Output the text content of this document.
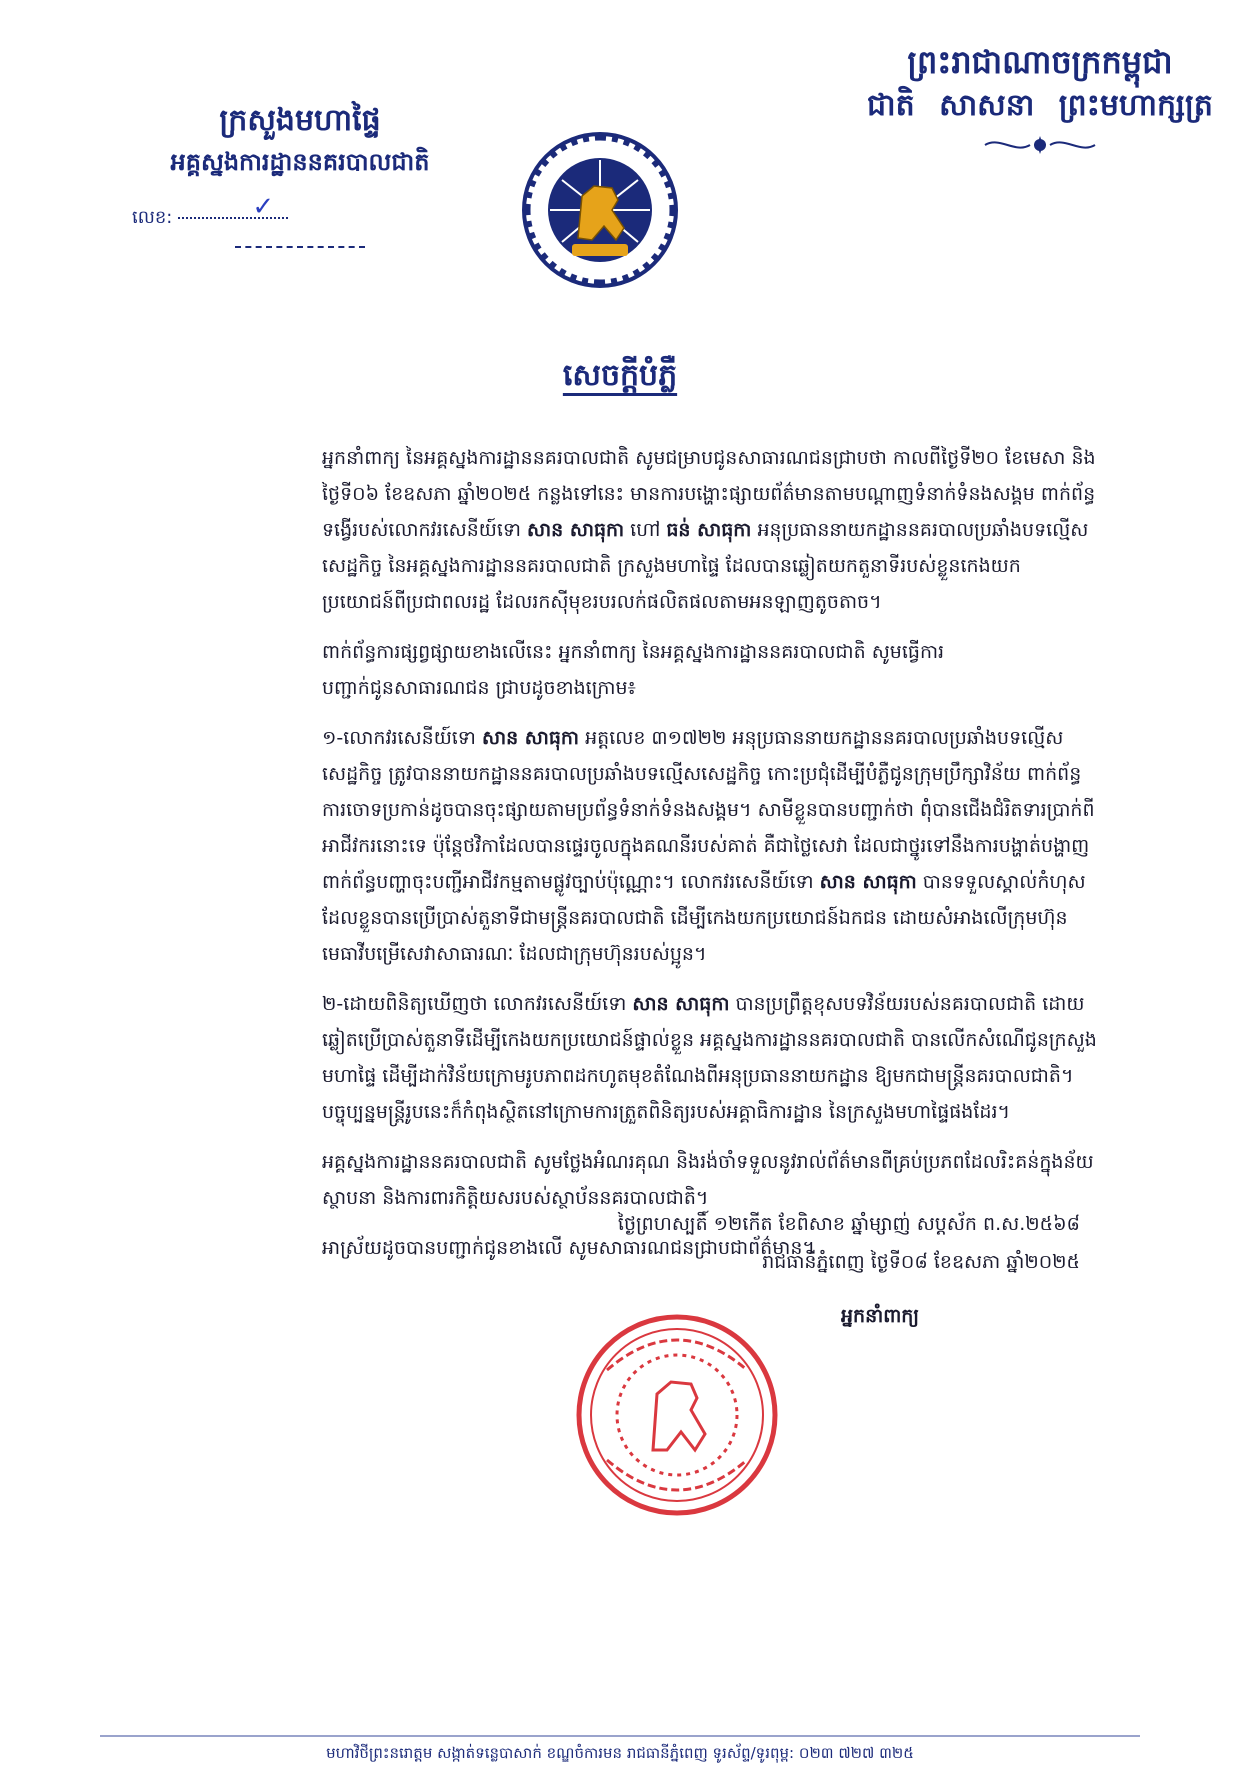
ព្រះរាជាណាចក្រកម្ពុជា
ជាតិ សាសនា ព្រះមហាក្សត្រ
ក្រសួងមហាផ្ទៃ
អគ្គស្នងការដ្ឋាននគរបាលជាតិ
លេខ:	✓
សេចក្ដីបំភ្លឺ
អ្នកនាំពាក្យ នៃអគ្គស្នងការដ្ឋាននគរបាលជាតិ សូមជម្រាបជូនសាធារណជនជ្រាបថា កាលពីថ្ងៃទី២០ ខែមេសា និងថ្ងៃទី០៦ ខែឧសភា ឆ្នាំ២០២៥ កន្លងទៅនេះ មានការបង្ហោះផ្សាយព័ត៌មានតាមបណ្ដាញទំនាក់ទំនងសង្គម ពាក់ព័ន្ធទង្វើរបស់លោកវរសេនីយ៍ទោ សាន សាធុកា ហៅ ធន់ សាធុកា អនុប្រធាននាយកដ្ឋាននគរបាលប្រឆាំងបទល្មើសសេដ្ឋកិច្ច នៃអគ្គស្នងការដ្ឋាននគរបាលជាតិ ក្រសួងមហាផ្ទៃ ដែលបានឆ្លៀតយកតួនាទីរបស់ខ្លួនកេងយកប្រយោជន៍ពីប្រជាពលរដ្ឋ ដែលរកស៊ីមុខរបរលក់ផលិតផលតាមអនឡាញតូចតាច។
ពាក់ព័ន្ធការផ្សព្វផ្សាយខាងលើនេះ អ្នកនាំពាក្យ នៃអគ្គស្នងការដ្ឋាននគរបាលជាតិ សូមធ្វើការបញ្ជាក់ជូនសាធារណជន ជ្រាបដូចខាងក្រោម៖
១-លោកវរសេនីយ៍ទោ សាន សាធុកា អត្តលេខ ៣១៧២២ អនុប្រធាននាយកដ្ឋាននគរបាលប្រឆាំងបទល្មើសសេដ្ឋកិច្ច ត្រូវបាននាយកដ្ឋាននគរបាលប្រឆាំងបទល្មើសសេដ្ឋកិច្ច កោះប្រជុំដើម្បីបំភ្លឺជូនក្រុមប្រឹក្សាវិន័យ ពាក់ព័ន្ធការចោទប្រកាន់ដូចបានចុះផ្សាយតាមប្រព័ន្ធទំនាក់ទំនងសង្គម។ សាមីខ្លួនបានបញ្ជាក់ថា ពុំបានជើងជំរិតទារប្រាក់ពីអាជីវករនោះទេ ប៉ុន្តែថវិកាដែលបានផ្ទេរចូលក្នុងគណនីរបស់គាត់ គឺជាថ្លៃសេវា ដែលជាថ្នូរទៅនឹងការបង្ហាត់បង្ហាញពាក់ព័ន្ធបញ្ហាចុះបញ្ជីអាជីវកម្មតាមផ្លូវច្បាប់ប៉ុណ្ណោះ។ លោកវរសេនីយ៍ទោ សាន សាធុកា បានទទួលស្គាល់កំហុសដែលខ្លួនបានប្រើប្រាស់តួនាទីជាមន្ត្រីនគរបាលជាតិ ដើម្បីកេងយកប្រយោជន៍ឯកជន ដោយសំអាងលើក្រុមហ៊ុនមេធាវីបម្រើសេវាសាធារណៈ ដែលជាក្រុមហ៊ុនរបស់ប្អូន។
២-ដោយពិនិត្យឃើញថា លោកវរសេនីយ៍ទោ សាន សាធុកា បានប្រព្រឹត្តខុសបទវិន័យរបស់នគរបាលជាតិ ដោយឆ្លៀតប្រើប្រាស់តួនាទីដើម្បីកេងយកប្រយោជន៍ផ្ទាល់ខ្លួន អគ្គស្នងការដ្ឋាននគរបាលជាតិ បានលើកសំណើជូនក្រសួងមហាផ្ទៃ ដើម្បីដាក់វិន័យក្រោមរូបភាពដកហូតមុខតំណែងពីអនុប្រធាននាយកដ្ឋាន ឱ្យមកជាមន្ត្រីនគរបាលជាតិ។ បច្ចុប្បន្នមន្ត្រីរូបនេះក៏កំពុងស្ថិតនៅក្រោមការត្រួតពិនិត្យរបស់អគ្គាធិការដ្ឋាន នៃក្រសួងមហាផ្ទៃផងដែរ។
អគ្គស្នងការដ្ឋាននគរបាលជាតិ សូមថ្លែងអំណរគុណ និងរង់ចាំទទួលនូវរាល់ព័ត៌មានពីគ្រប់ប្រភពដែលរិះគន់ក្នុងន័យស្ថាបនា និងការពារកិត្តិយសរបស់ស្ថាប័ននគរបាលជាតិ។
អាស្រ័យដូចបានបញ្ជាក់ជូនខាងលើ សូមសាធារណជនជ្រាបជាព័ត៌មាន។
ថ្ងៃព្រហស្បតិ៍ ១២កើត ខែពិសាខ ឆ្នាំម្សាញ់ សប្តស័ក ព.ស.២៥៦៨
រាជធានីភ្នំពេញ ថ្ងៃទី០៨ ខែឧសភា ឆ្នាំ២០២៥
អ្នកនាំពាក្យ
មហាវិថីព្រះនរោត្តម សង្កាត់ទន្លេបាសាក់ ខណ្ឌចំការមន រាជធានីភ្នំពេញ ទូរស័ព្ទ/ទូរពុម្ព: ០២៣ ៧២៧ ៣២៥
